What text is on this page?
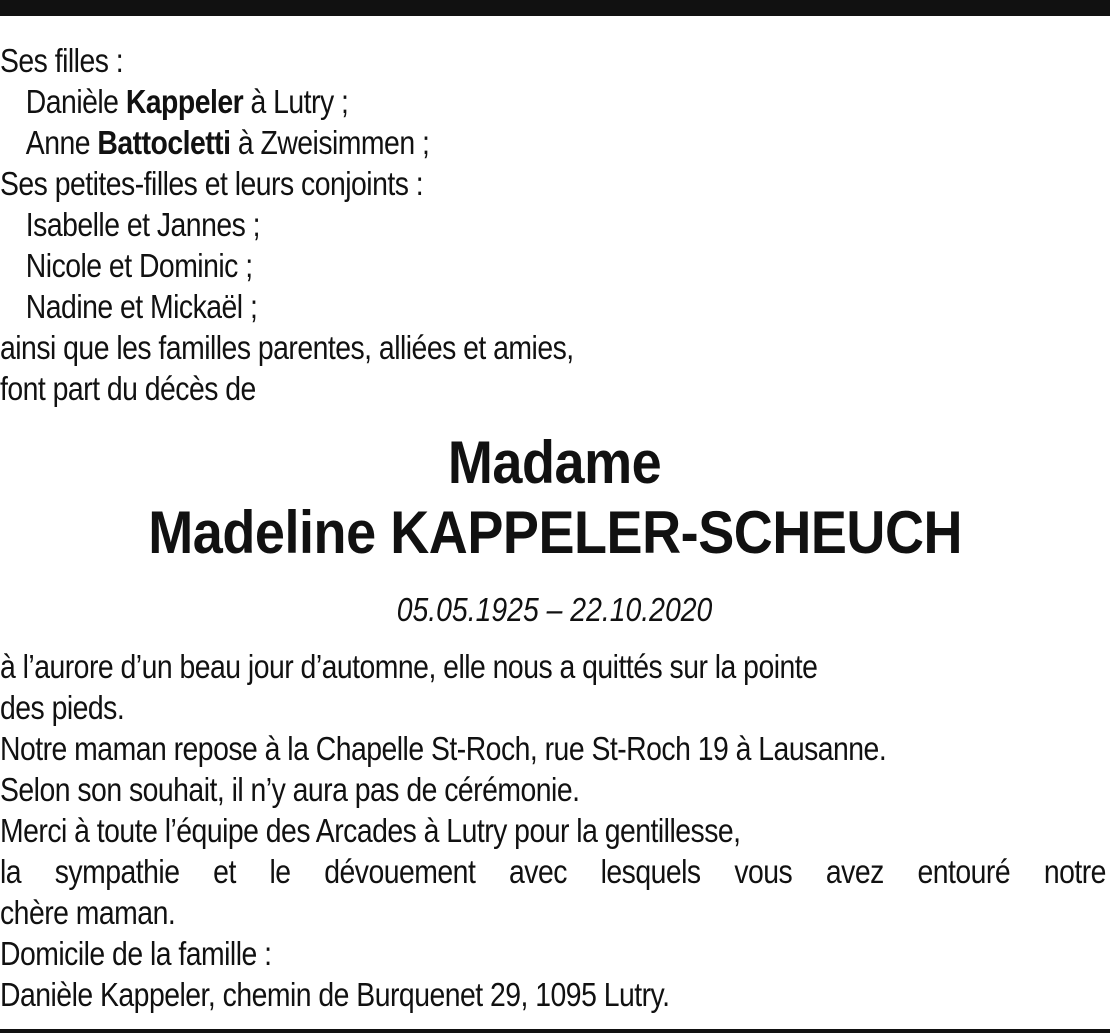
Ses filles :
Danièle Kappeler à Lutry ;
Anne Battocletti à Zweisimmen ;
Ses petites-filles et leurs conjoints :
Isabelle et Jannes ;
Nicole et Dominic ;
Nadine et Mickaël ;
ainsi que les familles parentes, alliées et amies,
font part du décès de
Madame
Madeline KAPPELER-SCHEUCH
05.05.1925 – 22.10.2020
à l’aurore d’un beau jour d’automne, elle nous a quittés sur la pointe
des pieds.
Notre maman repose à la Chapelle St-Roch, rue St-Roch 19 à Lausanne.
Selon son souhait, il n’y aura pas de cérémonie.
Merci à toute l’équipe des Arcades à Lutry pour la gentillesse,
la sympathie et le dévouement avec lesquels vous avez entouré notre
chère maman.
Domicile de la famille :
Danièle Kappeler, chemin de Burquenet 29, 1095 Lutry.
